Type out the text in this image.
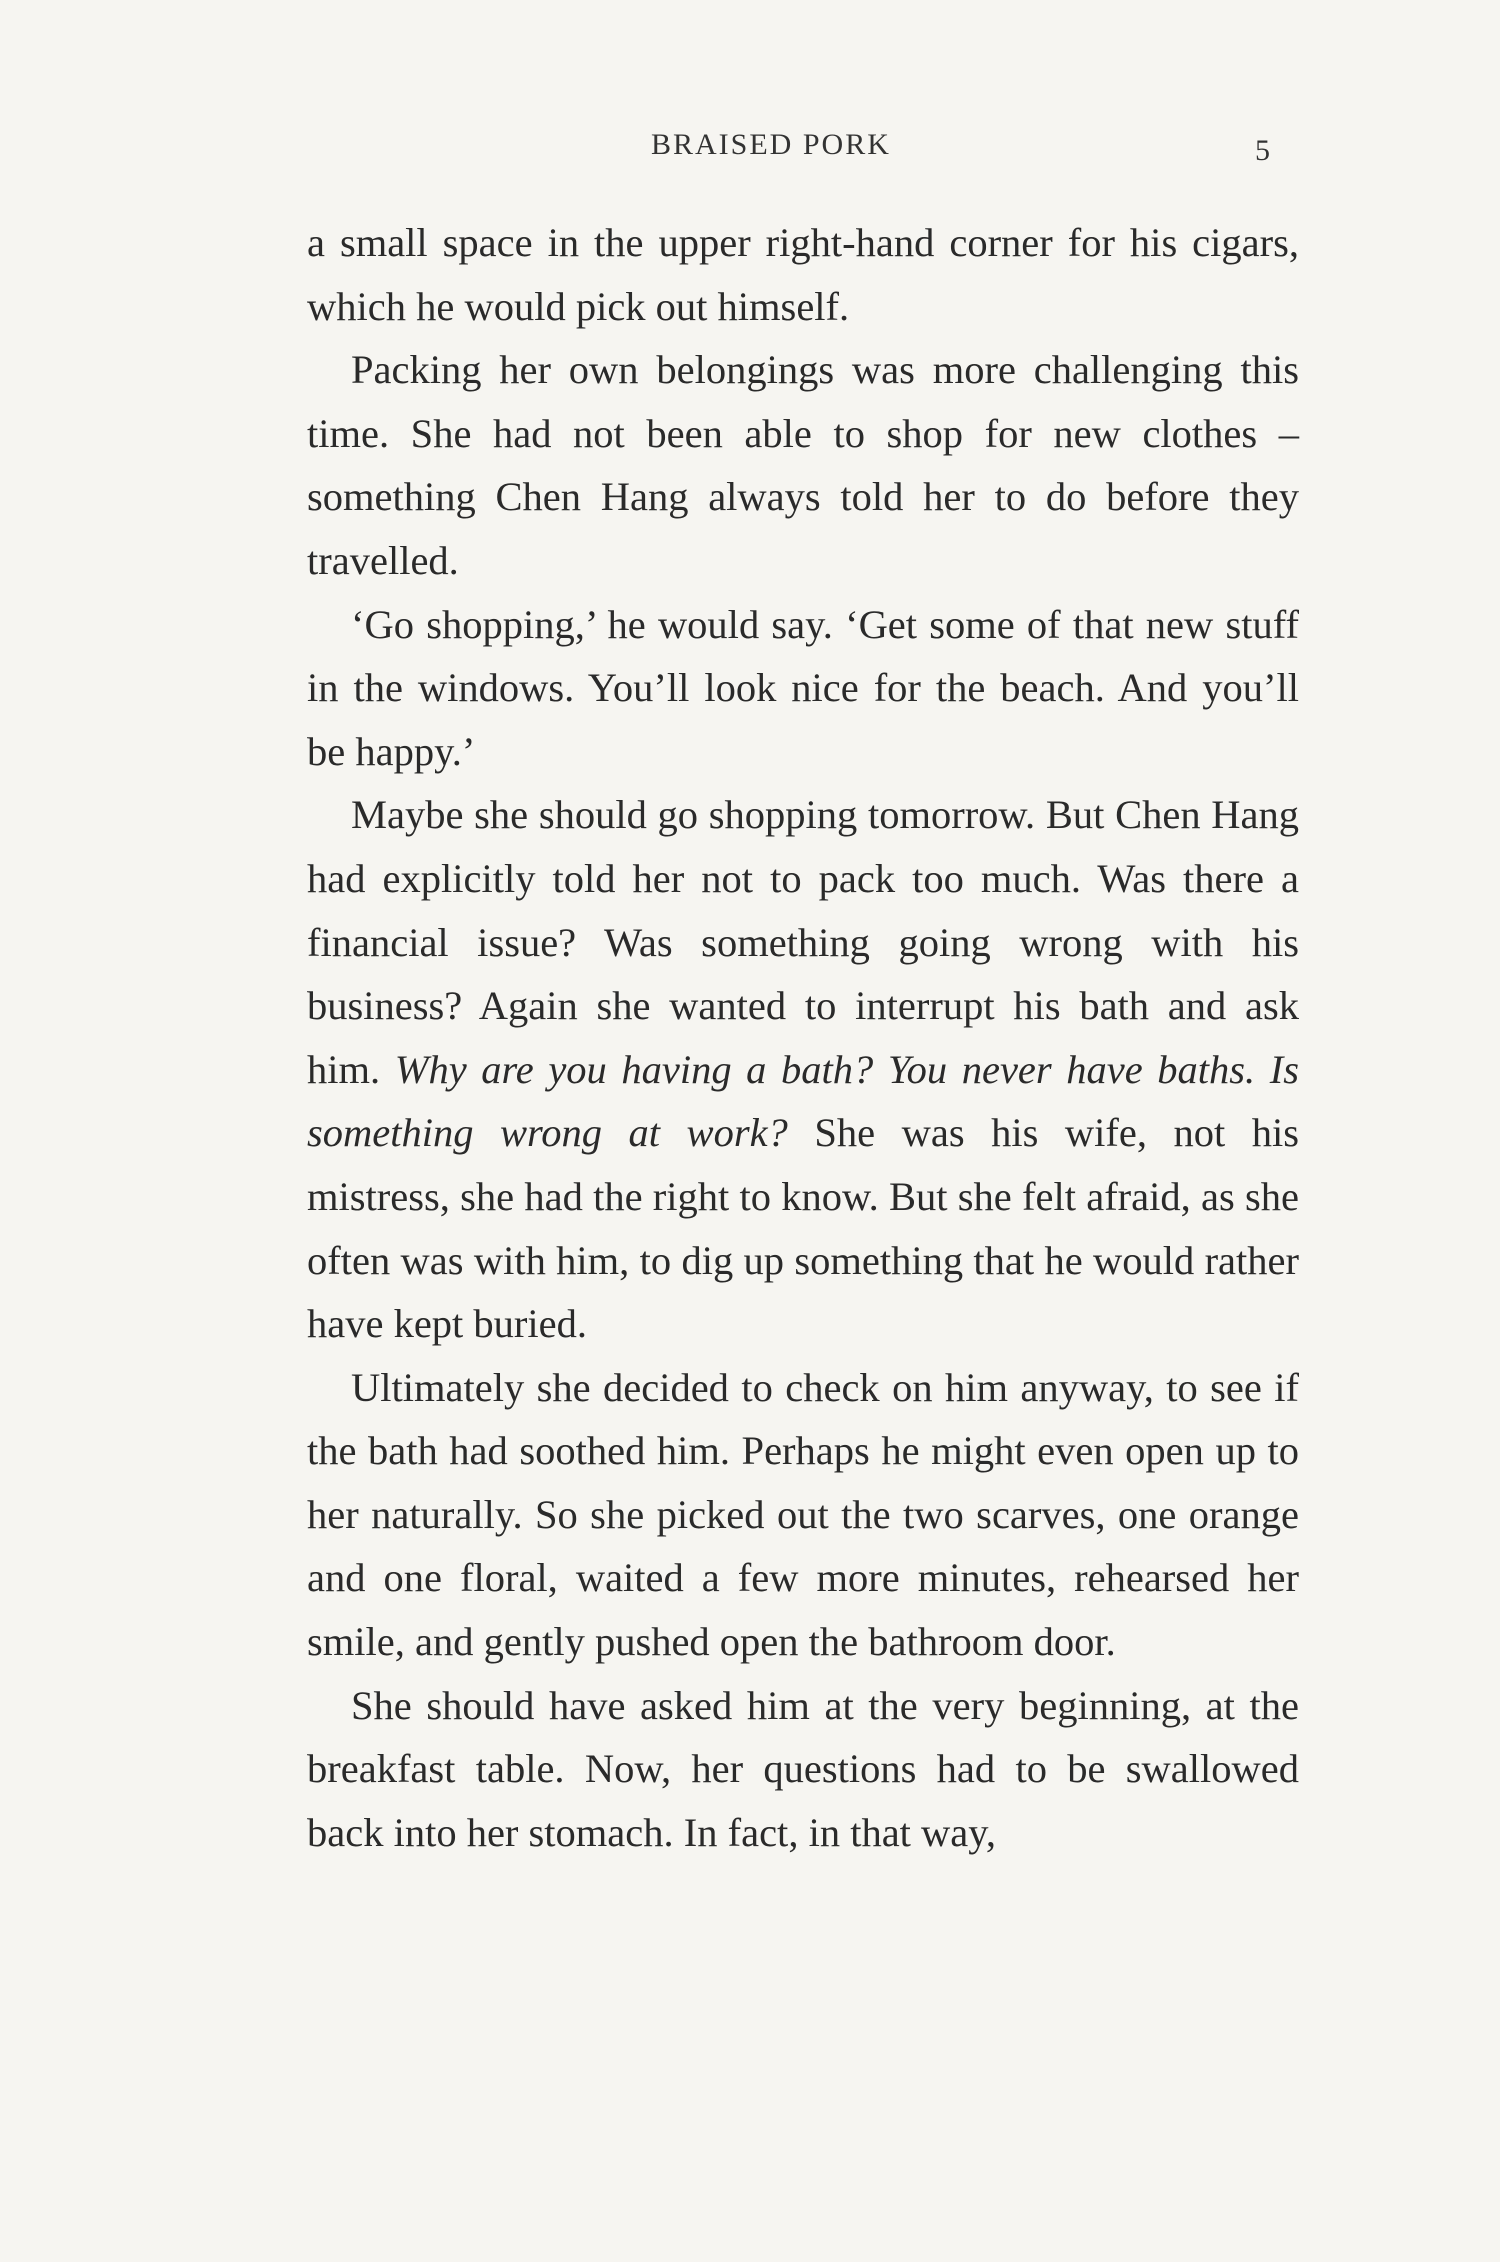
BRAISED PORK	5

a small space in the upper right-hand corner for his cigars, which he would pick out himself.

Packing her own belongings was more challenging this time. She had not been able to shop for new clothes – something Chen Hang always told her to do before they travelled.

‘Go shopping,’ he would say. ‘Get some of that new stuff in the windows. You’ll look nice for the beach. And you’ll be happy.’

Maybe she should go shopping tomorrow. But Chen Hang had explicitly told her not to pack too much. Was there a financial issue? Was something going wrong with his business? Again she wanted to interrupt his bath and ask him. Why are you having a bath? You never have baths. Is something wrong at work? She was his wife, not his mistress, she had the right to know. But she felt afraid, as she often was with him, to dig up something that he would rather have kept buried.

Ultimately she decided to check on him anyway, to see if the bath had soothed him. Perhaps he might even open up to her naturally. So she picked out the two scarves, one orange and one floral, waited a few more minutes, rehearsed her smile, and gently pushed open the bathroom door.

She should have asked him at the very beginning, at the breakfast table. Now, her questions had to be swallowed back into her stomach. In fact, in that way,
